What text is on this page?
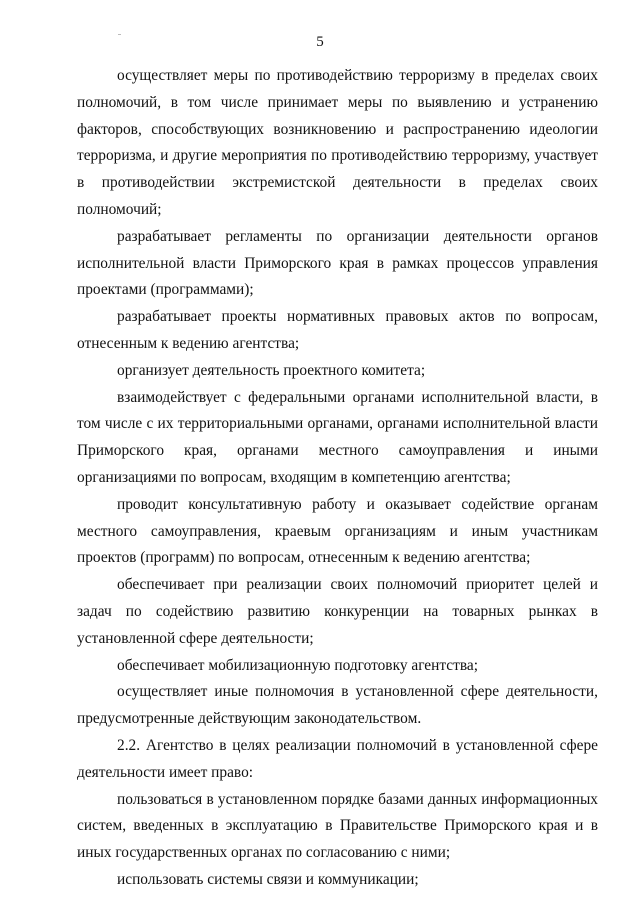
5

осуществляет меры по противодействию терроризму в пределах своих полномочий, в том числе принимает меры по выявлению и устранению факторов, способствующих возникновению и распространению идеологии терроризма, и другие мероприятия по противодействию терроризму, участвует в противодействии экстремистской деятельности в пределах своих полномочий;

разрабатывает регламенты по организации деятельности органов исполнительной власти Приморского края в рамках процессов управления проектами (программами);

разрабатывает проекты нормативных правовых актов по вопросам, отнесенным к ведению агентства;

организует деятельность проектного комитета;

взаимодействует с федеральными органами исполнительной власти, в том числе с их территориальными органами, органами исполнительной власти Приморского края, органами местного самоуправления и иными организациями по вопросам, входящим в компетенцию агентства;

проводит консультативную работу и оказывает содействие органам местного самоуправления, краевым организациям и иным участникам проектов (программ) по вопросам, отнесенным к ведению агентства;

обеспечивает при реализации своих полномочий приоритет целей и задач по содействию развитию конкуренции на товарных рынках в установленной сфере деятельности;

обеспечивает мобилизационную подготовку агентства;

осуществляет иные полномочия в установленной сфере деятельности, предусмотренные действующим законодательством.

2.2. Агентство в целях реализации полномочий в установленной сфере деятельности имеет право:

пользоваться в установленном порядке базами данных информационных систем, введенных в эксплуатацию в Правительстве Приморского края и в иных государственных органах по согласованию с ними;

использовать системы связи и коммуникации;
